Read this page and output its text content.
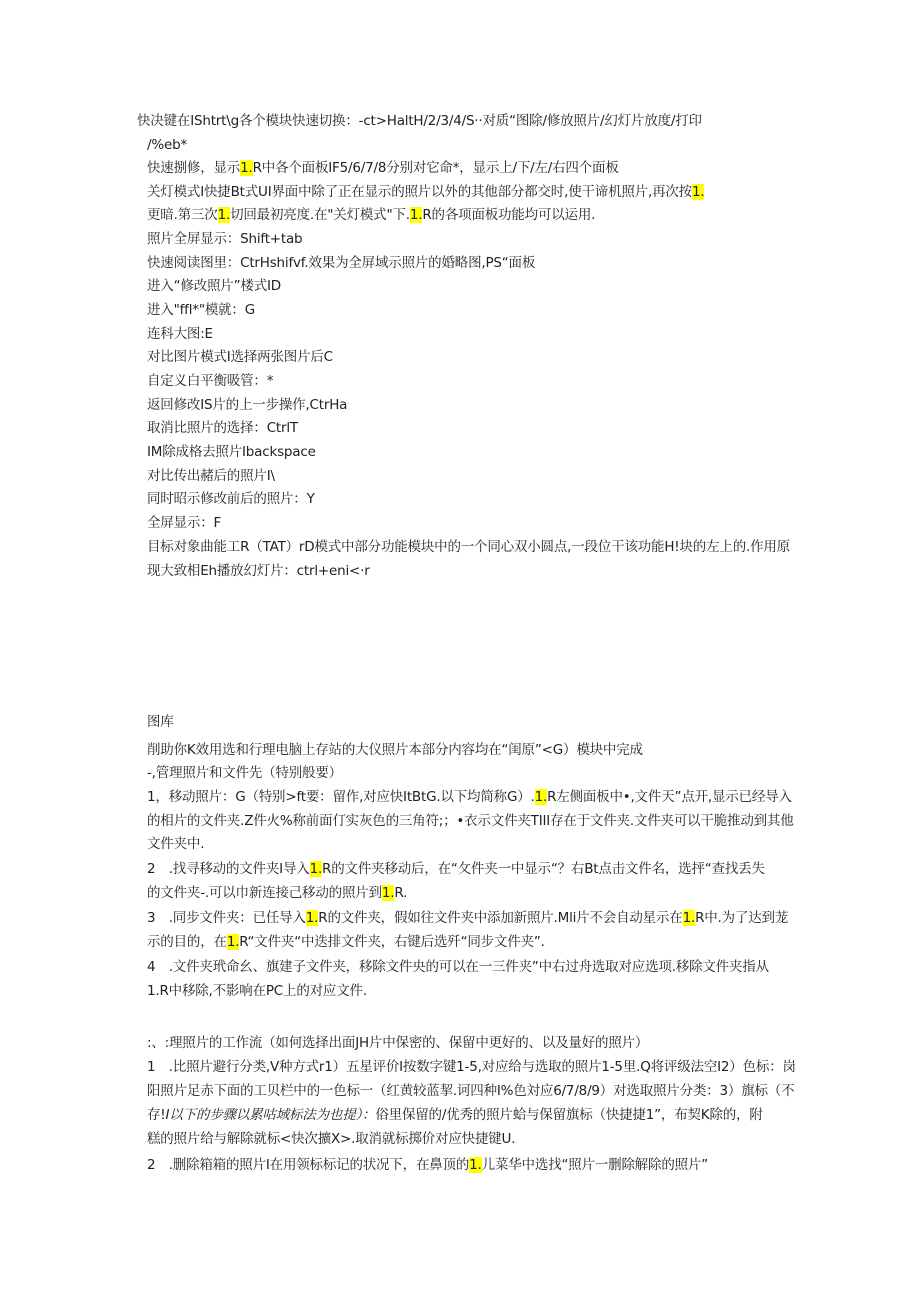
快决键在IShtrt\g各个模块快速切换：-ct>HaltH/2/3/4/S··对质“图除/修放照片/幻灯片放度/打印
/%eb*
快速捌修，显示1.R中各个面板IF5/6/7/8分别对它命*，显示上/下/左/右四个面板
关灯模式I快捷Bt式UI界面中除了正在显示的照片以外的其他部分都交时,使干谛机照片,再次按1.
更暗.第三次1.切回最初亮度.在"关灯模式"下.1.R的各项面板功能均可以运用.
照片全屏显示：Shift+tab
快速阅读图里：CtrHshifvf.效果为全屏域示照片的婚略图,PS“面板
进入“修改照片”楼式ID
进入"ffl*"模就：G
连科大图:E
对比图片模式I选择两张图片后C
自定义白平衡吸管：*
返回修改IS片的上一步操作,CtrHa
取消比照片的选择：CtrlT
IM除成格去照片Ibackspace
对比传出赭后的照片I\
同时昭示修改前后的照片：Y
全屏显示：F
目标对象曲能工R（TAT）rD模式中部分功能模块中的一个同心双小圆点,一段位干该功能H!块的左上的.作用原
现大致相Eh播放幻灯片：ctrl+eni<·r
图库
削助你K效用选和行理电脑上存站的大仪照片本部分内容均在“闺原”<G）模块中完成
-,管理照片和文件先（特别般要）
1，移动照片：G（特别>ft要：留作,对应快ItBtG.以下均简称G）.1.R左侧面板中•,文件天”点开,显示已经导入
的相片的文件夹.Z件火%称前面仃实灰色的三角符;；•衣示文件夹TIII存在于文件夹.文件夹可以干脆推动到其他
文件夹中.
2　.找寻移动的文件夹I导入1.R的文件夹移动后，在“攵件夹一中显示“？右Bt点击文件名，选抨“查找丢失
的文件夹-.可以巾新连接己移动的照片到1.R.
3　.同步文件夹：已任导入1.R的文件夹，假如往文件夹中添加新照片.Mli片不会自动星示在1.R中.为了达到茏
示的目的，在1.R“文件夹“中迭排文件夹，右键后选歼“同步文件夹”.
4　.文件夹玳命幺、旗建子文件夹，移除文件央的可以在一三件夹”中右过舟选取对应选项.移除文件夹指从
1.R中移除,不影响在PC上的对应文件.
:、:理照片的工作流（如何选择出面JH片中保密的、保留中更好的、以及量好的照片）
1　.比照片避行分类,V种方式r1）五星评价I按数字键1-5,对应给与选取的照片1-5里.Q将评级法空I2）色标：岗
阳照片足赤下面的工贝栏中的一色标一（红黄较蓝挈.诃四种I%色対应6/7/8/9）对选取照片分类：3）旗标（不
存!I以下的步骤以累咕域标法为也提）：俗里保留的/优秀的照片蛤与保留旗标（快捷捷1”，布契K除的，附
糕的照片给与解除就标<快次擴X>.取消就标掷价对应快捷键U.
2　.删除箱箱的照片I在用领标标记的状况下，在鼻顶的1.儿菜华中选找“照片一删除解除的照片”
